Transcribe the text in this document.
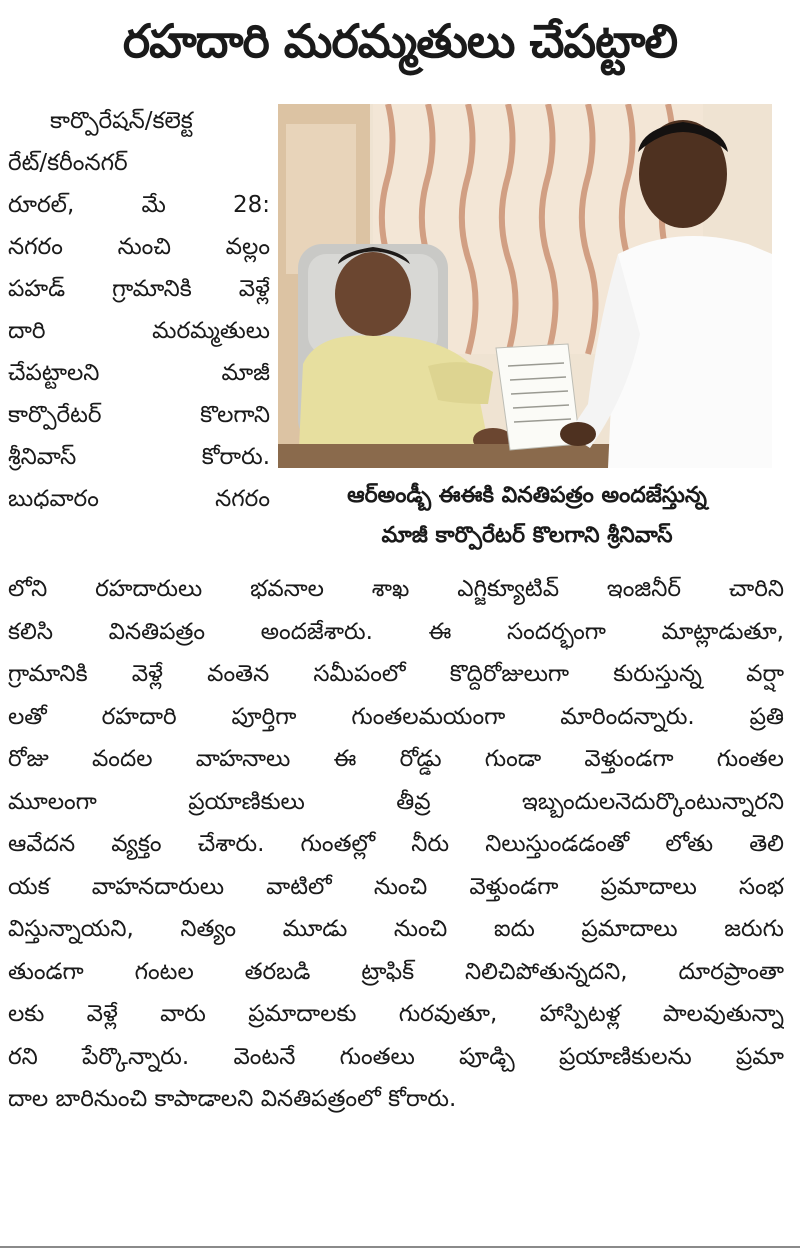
రహదారి మరమ్మతులు చేపట్టాలి
కార్పొరేషన్/కలెక్ట
రేట్/కరీంనగర్
రూరల్, మే 28:
నగరం నుంచి వల్లం
పహడ్ గ్రామానికి వెళ్లే
దారి మరమ్మతులు
చేపట్టాలని మాజీ
కార్పొరేటర్ కొలగాని
శ్రీనివాస్ కోరారు.
బుధవారం నగరం	ఆర్అండ్బీ ఈఈకి వినతిపత్రం అందజేస్తున్న
మాజీ కార్పొరేటర్ కొలగాని శ్రీనివాస్
లోని రహదారులు భవనాల శాఖ ఎగ్జిక్యూటివ్ ఇంజినీర్ చారిని
కలిసి వినతిపత్రం అందజేశారు. ఈ సందర్భంగా మాట్లాడుతూ,
గ్రామానికి వెళ్లే వంతెన సమీపంలో కొద్దిరోజులుగా కురుస్తున్న వర్షా
లతో రహదారి పూర్తిగా గుంతలమయంగా మారిందన్నారు. ప్రతి
రోజు వందల వాహనాలు ఈ రోడ్డు గుండా వెళ్తుండగా గుంతల
మూలంగా ప్రయాణికులు తీవ్ర ఇబ్బందులనెదుర్కొంటున్నారని
ఆవేదన వ్యక్తం చేశారు. గుంతల్లో నీరు నిలుస్తుండడంతో లోతు తెలి
యక వాహనదారులు వాటిలో నుంచి వెళ్తుండగా ప్రమాదాలు సంభ
విస్తున్నాయని, నిత్యం మూడు నుంచి ఐదు ప్రమాదాలు జరుగు
తుండగా గంటల తరబడి ట్రాఫిక్ నిలిచిపోతున్నదని, దూరప్రాంతా
లకు వెళ్లే వారు ప్రమాదాలకు గురవుతూ, హాస్పిటళ్ల పాలవుతున్నా
రని పేర్కొన్నారు. వెంటనే గుంతలు పూడ్చి ప్రయాణికులను ప్రమా
దాల బారినుంచి కాపాడాలని వినతిపత్రంలో కోరారు.
